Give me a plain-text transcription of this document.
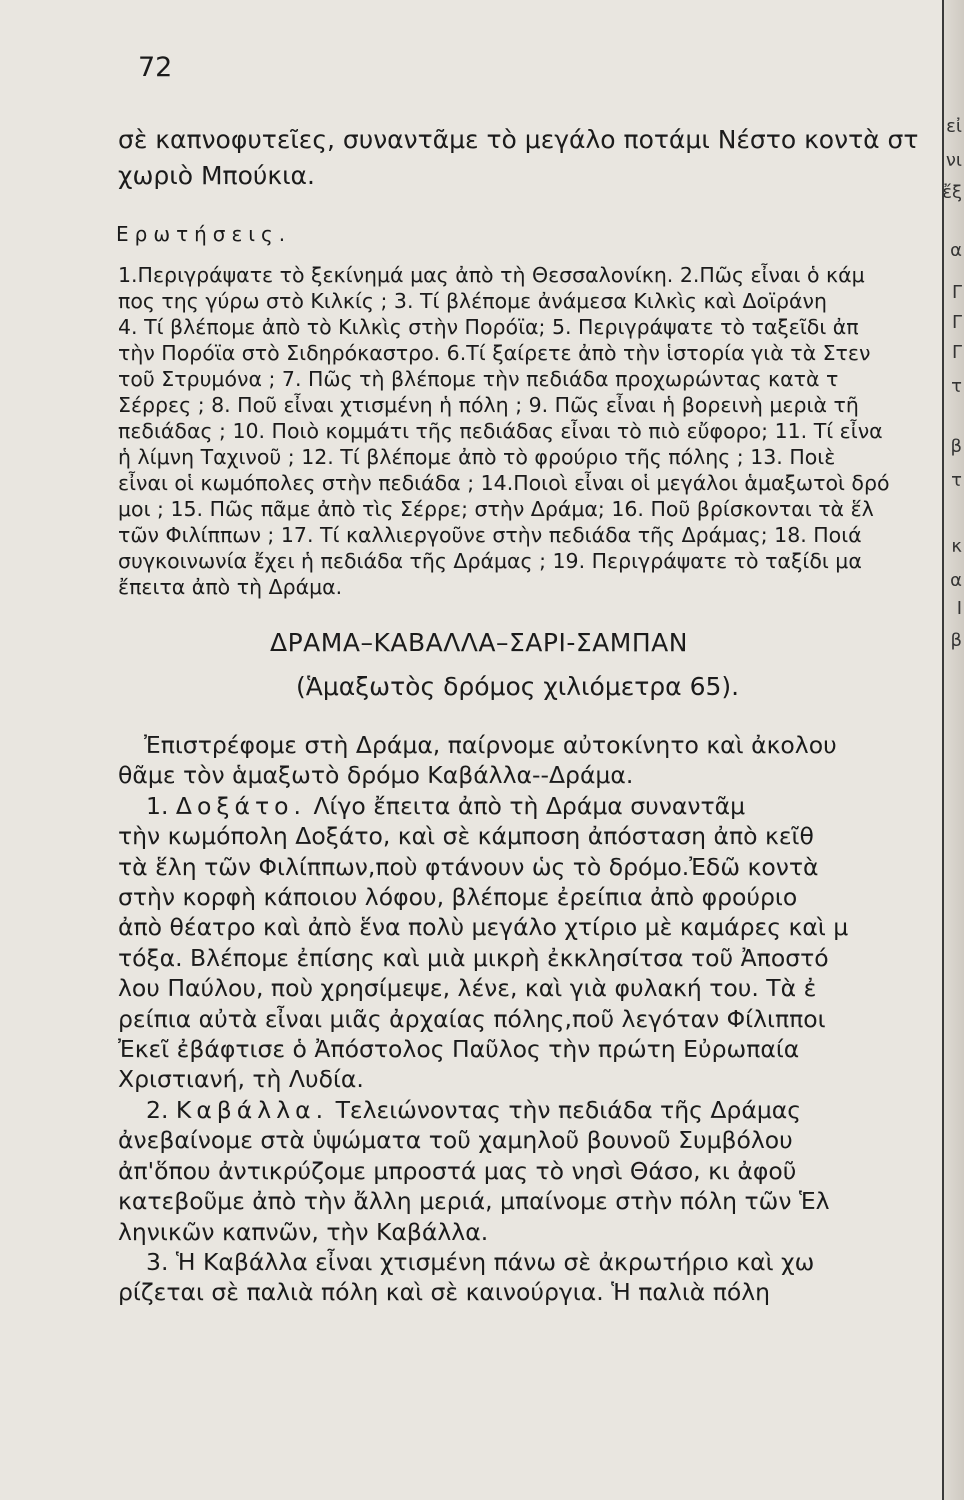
72

σὲ καπνοφυτεῖες, συναντᾶμε τὸ μεγάλο ποτάμι Νέστο κοντὰ στ

χωριὸ Μπούκια.

Ερωτήσεις.

1.Περιγράψατε τὸ ξεκίνημά μας ἀπὸ τὴ Θεσσαλονίκη. 2.Πῶς εἶναι ὁ κάμ

πος της γύρω στὸ Κιλκίς ; 3. Τί βλέπομε ἀνάμεσα Κιλκὶς καὶ Δοϊράνη

4. Τί βλέπομε ἀπὸ τὸ Κιλκὶς στὴν Πορόϊα; 5. Περιγράψατε τὸ ταξεῖδι ἀπ

τὴν Πορόϊα στὸ Σιδηρόκαστρο. 6.Τί ξαίρετε ἀπὸ τὴν ἱστορία γιὰ τὰ Στεν

τοῦ Στρυμόνα ; 7. Πῶς τὴ βλέπομε τὴν πεδιάδα προχωρώντας κατὰ τ

Σέρρες ; 8. Ποῦ εἶναι χτισμένη ἡ πόλη ; 9. Πῶς εἶναι ἡ βορεινὴ μεριὰ τῆ

πεδιάδας ; 10. Ποιὸ κομμάτι τῆς πεδιάδας εἶναι τὸ πιὸ εὔφορο; 11. Τί εἶνα

ἡ λίμνη Ταχινοῦ ; 12. Τί βλέπομε ἀπὸ τὸ φρούριο τῆς πόλης ; 13. Ποιὲ

εἶναι οἱ κωμόπολες στὴν πεδιάδα ; 14.Ποιοὶ εἶναι οἱ μεγάλοι ἁμαξωτοὶ δρό

μοι ; 15. Πῶς πᾶμε ἀπὸ τὶς Σέρρε; στὴν Δράμα; 16. Ποῦ βρίσκονται τὰ ἕλ

τῶν Φιλίππων ; 17. Τί καλλιεργοῦνε στὴν πεδιάδα τῆς Δράμας; 18. Ποιά

συγκοινωνία ἔχει ἡ πεδιάδα τῆς Δράμας ; 19. Περιγράψατε τὸ ταξίδι μα

ἔπειτα ἀπὸ τὴ Δράμα.

ΔΡΑΜΑ–ΚΑΒΑΛΛΑ–ΣΑΡΙ-ΣΑΜΠΑΝ
(Ἁμαξωτὸς δρόμος χιλιόμετρα 65).

Ἐπιστρέφομε στὴ Δράμα, παίρνομε αὐτοκίνητο καὶ ἀκολου

θᾶμε τὸν ἁμαξωτὸ δρόμο Καβάλλα--Δράμα.

1. Δοξάτο. Λίγο ἔπειτα ἀπὸ τὴ Δράμα συναντᾶμ

τὴν κωμόπολη Δοξάτο, καὶ σὲ κάμποση ἀπόσταση ἀπὸ κεῖθ

τὰ ἕλη τῶν Φιλίππων,ποὺ φτάνουν ὡς τὸ δρόμο.Ἐδῶ κοντὰ

στὴν κορφὴ κάποιου λόφου, βλέπομε ἐρείπια ἀπὸ φρούριο

ἀπὸ θέατρο καὶ ἀπὸ ἕνα πολὺ μεγάλο χτίριο μὲ καμάρες καὶ μ

τόξα. Βλέπομε ἐπίσης καὶ μιὰ μικρὴ ἐκκλησίτσα τοῦ Ἀποστό

λου Παύλου, ποὺ χρησίμεψε, λένε, καὶ γιὰ φυλακή του. Τὰ ἐ

ρείπια αὐτὰ εἶναι μιᾶς ἀρχαίας πόλης,ποῦ λεγόταν Φίλιπποι

Ἐκεῖ ἐβάφτισε ὁ Ἀπόστολος Παῦλος τὴν πρώτη Εὐρωπαία

Χριστιανή, τὴ Λυδία.

2. Καβάλλα. Τελειώνοντας τὴν πεδιάδα τῆς Δράμας

ἀνεβαίνομε στὰ ὑψώματα τοῦ χαμηλοῦ βουνοῦ Συμβόλου

ἀπ'ὅπου ἀντικρύζομε μπροστά μας τὸ νησὶ Θάσο, κι ἀφοῦ

κατεβοῦμε ἀπὸ τὴν ἄλλη μεριά, μπαίνομε στὴν πόλη τῶν Ἑλ

ληνικῶν καπνῶν, τὴν Καβάλλα.

3. Ἡ Καβάλλα εἶναι χτισμένη πάνω σὲ ἀκρωτήριο καὶ χω

ρίζεται σὲ παλιὰ πόλη καὶ σὲ καινούργια. Ἡ παλιὰ πόλη

εἰ
νι
ἔξ
α
Γ
Γ
Γ
τ
β
τ
κ
α
Ι
β
